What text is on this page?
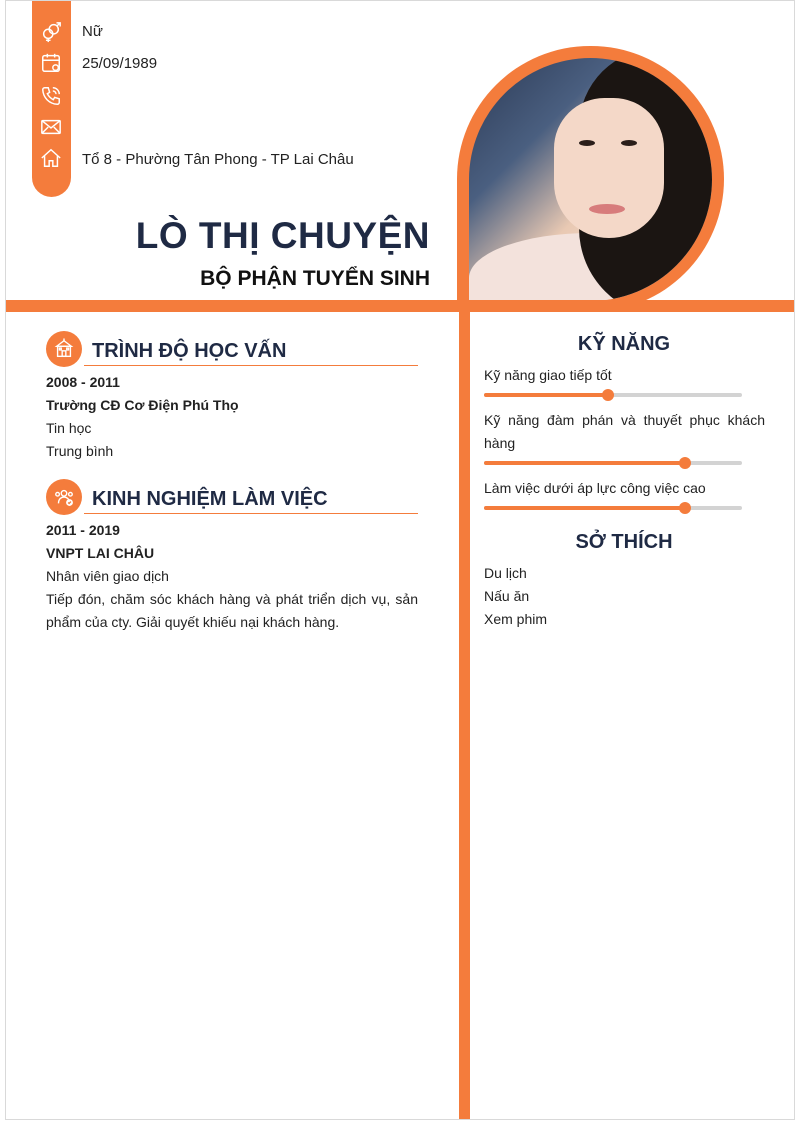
Nữ
25/09/1989
Tổ 8 - Phường Tân Phong - TP Lai Châu
LÒ THỊ CHUYỆN
BỘ PHẬN TUYỂN SINH
TRÌNH ĐỘ HỌC VẤN
2008 - 2011
Trường CĐ Cơ Điện Phú Thọ
Tin học
Trung bình
KINH NGHIỆM LÀM VIỆC
2011 - 2019
VNPT LAI CHÂU
Nhân viên giao dịch
Tiếp đón, chăm sóc khách hàng và phát triển dịch vụ, sản phẩm của cty. Giải quyết khiếu nại khách hàng.
KỸ NĂNG
Kỹ năng giao tiếp tốt
Kỹ năng đàm phán và thuyết phục khách hàng
Làm việc dưới áp lực công việc cao
SỞ THÍCH
Du lịch
Nấu ăn
Xem phim
